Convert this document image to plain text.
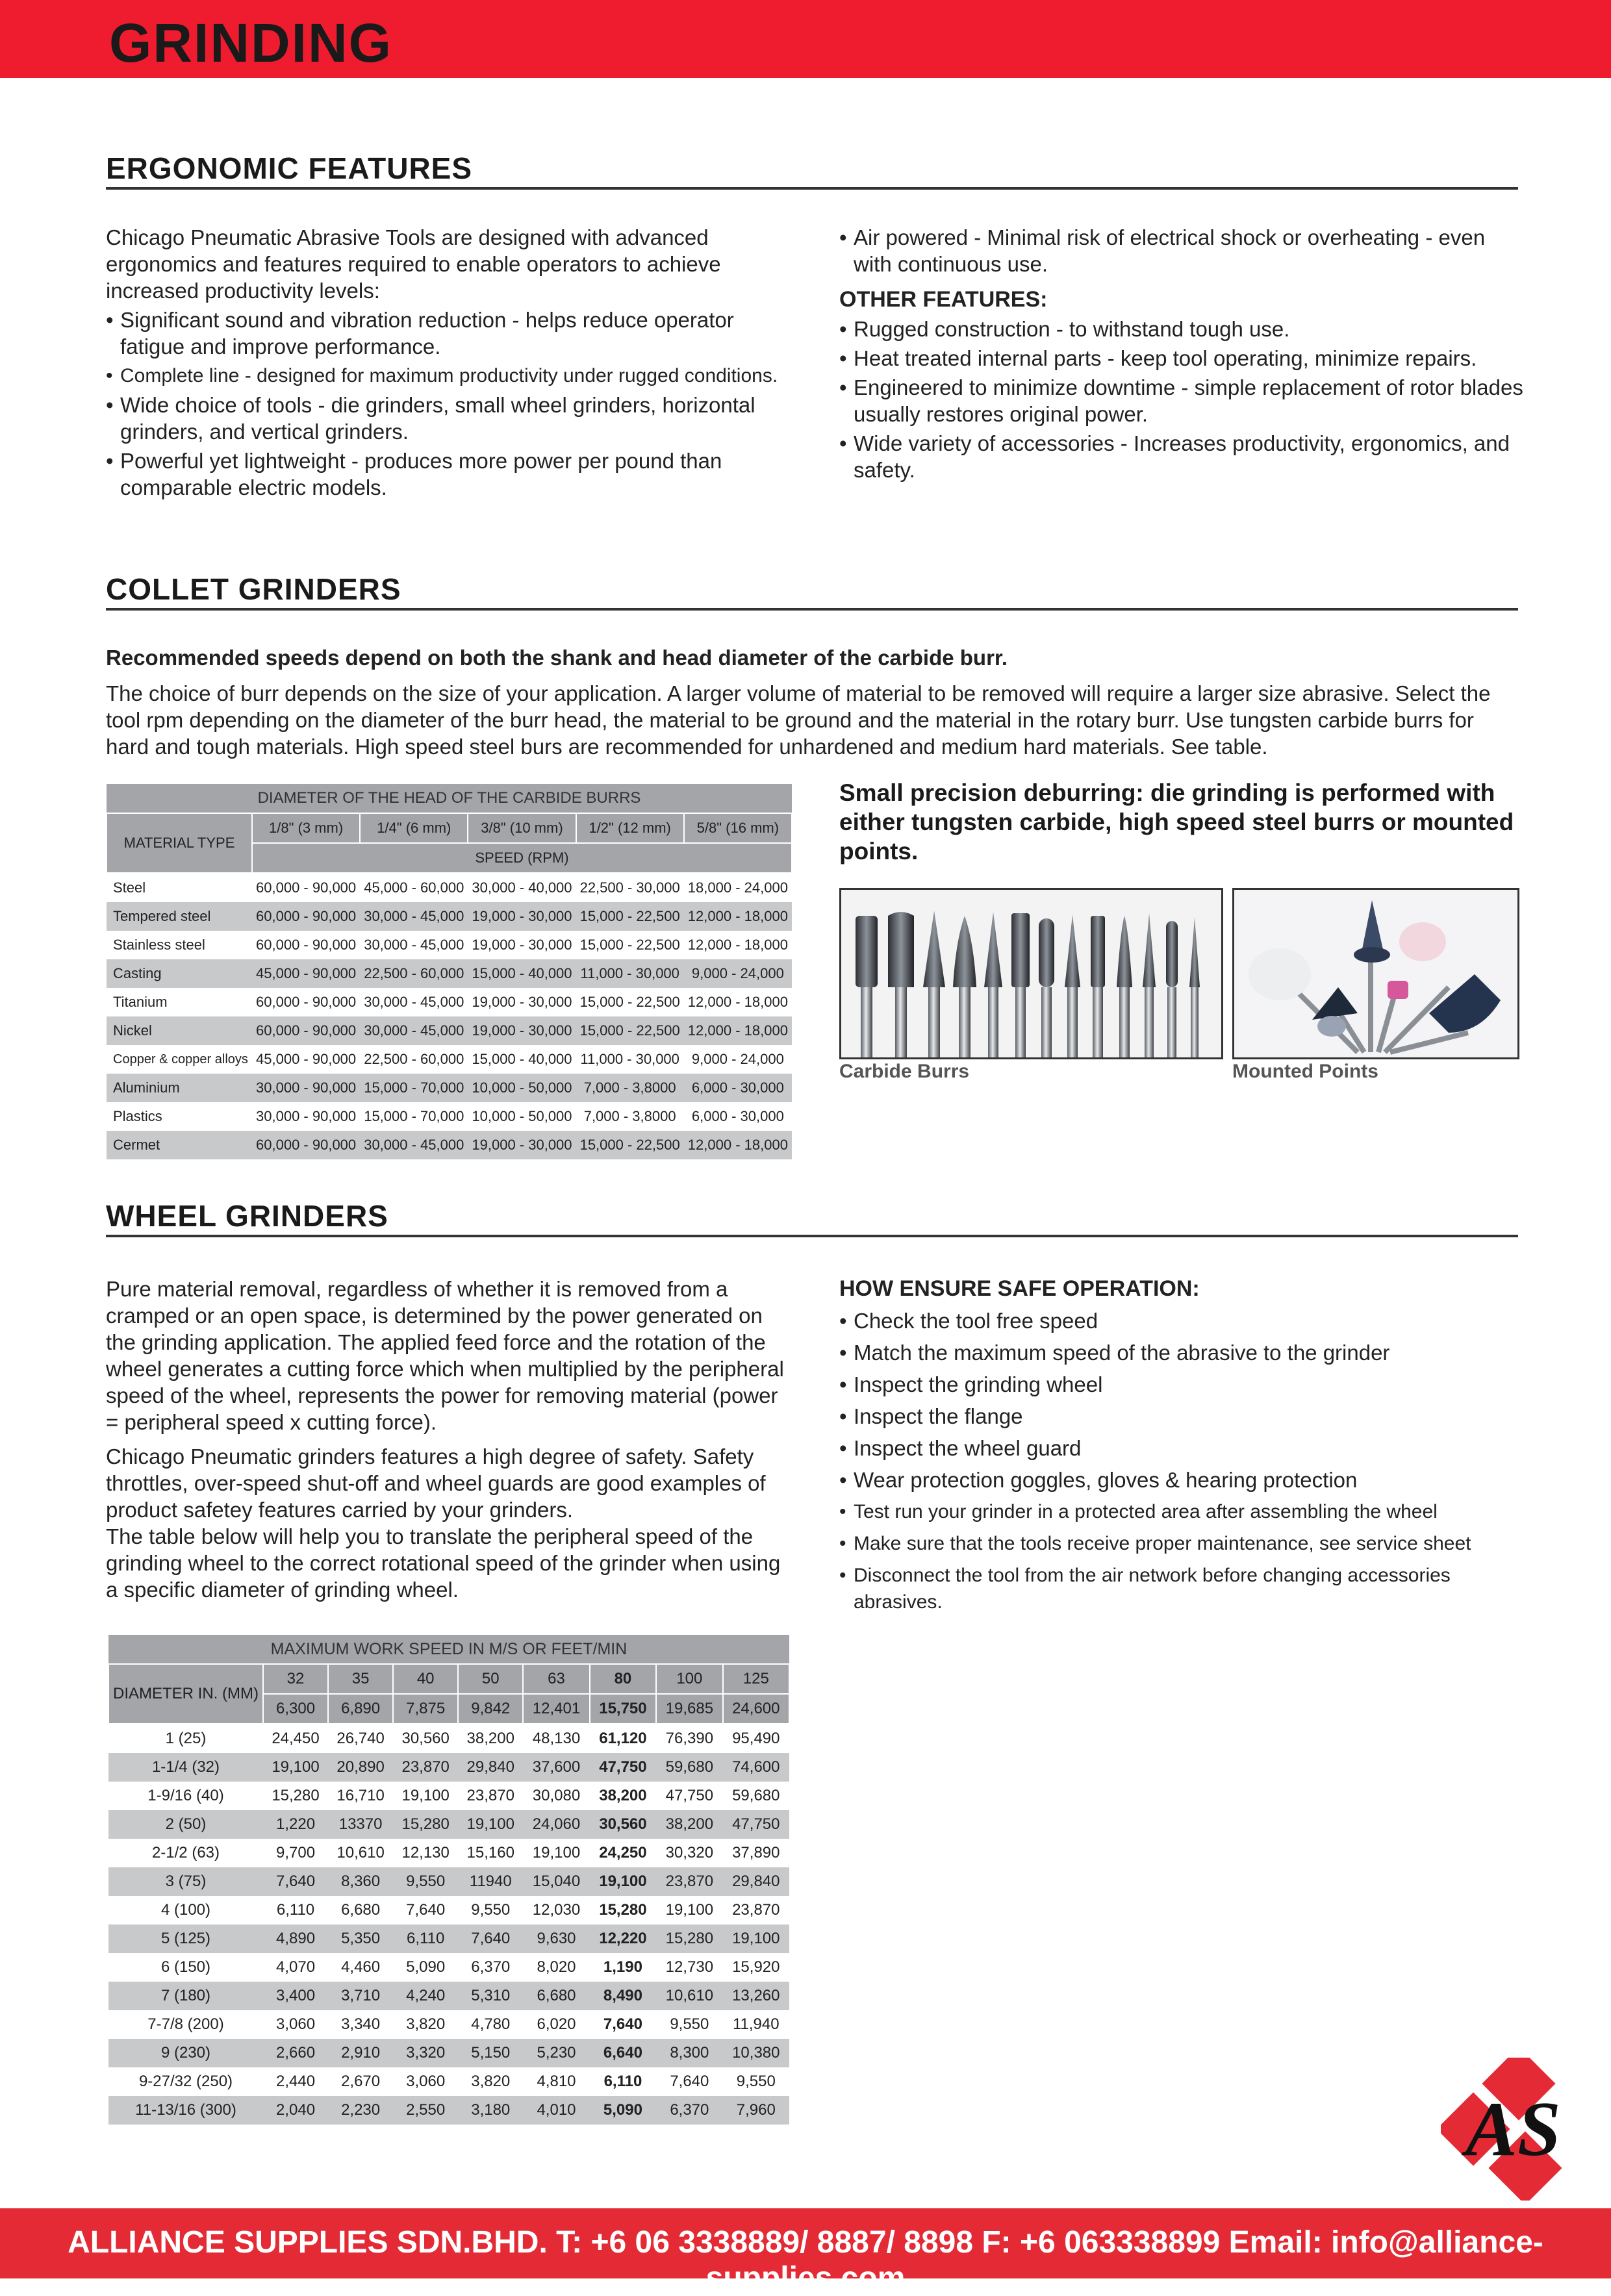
GRINDING
ERGONOMIC FEATURES

Chicago Pneumatic Abrasive Tools are designed with advanced ergonomics and features required to enable operators to achieve increased productivity levels:

• Significant sound and vibration reduction - helps reduce operator fatigue and improve performance.
• Complete line - designed for maximum productivity under rugged conditions.
• Wide choice of tools - die grinders, small wheel grinders, horizontal grinders, and vertical grinders.
• Powerful yet lightweight - produces more power per pound than comparable electric models.
• Air powered - Minimal risk of electrical shock or overheating - even with continuous use.
OTHER FEATURES:
• Rugged construction - to withstand tough use.
• Heat treated internal parts - keep tool operating, minimize repairs.
• Engineered to minimize downtime - simple replacement of rotor blades usually restores original power.
• Wide variety of accessories - Increases productivity, ergonomics, and safety.
COLLET GRINDERS
Recommended speeds depend on both the shank and head diameter of the carbide burr.
The choice of burr depends on the size of your application. A larger volume of material to be removed will require a larger size abrasive. Select the tool rpm depending on the diameter of the burr head, the material to be ground and the material in the rotary burr. Use tungsten carbide burrs for hard and tough materials. High speed steel burs are recommended for unhardened and medium hard materials. See table.
DIAMETER OF THE HEAD OF THE CARBIDE BURRS					
MATERIAL TYPE	1/8" (3 mm)	1/4" (6 mm)	3/8" (10 mm)	1/2" (12 mm)	5/8" (16 mm)
	SPEED (RPM)				
Steel	60,000 - 90,000	45,000 - 60,000	30,000 - 40,000	22,500 - 30,000	18,000 - 24,000
Tempered steel	60,000 - 90,000	30,000 - 45,000	19,000 - 30,000	15,000 - 22,500	12,000 - 18,000
Stainless steel	60,000 - 90,000	30,000 - 45,000	19,000 - 30,000	15,000 - 22,500	12,000 - 18,000
Casting	45,000 - 90,000	22,500 - 60,000	15,000 - 40,000	11,000 - 30,000	9,000 - 24,000
Titanium	60,000 - 90,000	30,000 - 45,000	19,000 - 30,000	15,000 - 22,500	12,000 - 18,000
Nickel	60,000 - 90,000	30,000 - 45,000	19,000 - 30,000	15,000 - 22,500	12,000 - 18,000
Copper & copper alloys	45,000 - 90,000	22,500 - 60,000	15,000 - 40,000	11,000 - 30,000	9,000 - 24,000
Aluminium	30,000 - 90,000	15,000 - 70,000	10,000 - 50,000	7,000 - 3,8000	6,000 - 30,000
Plastics	30,000 - 90,000	15,000 - 70,000	10,000 - 50,000	7,000 - 3,8000	6,000 - 30,000
Cermet	60,000 - 90,000	30,000 - 45,000	19,000 - 30,000	15,000 - 22,500	12,000 - 18,000
Small precision deburring: die grinding is performed with either tungsten carbide, high speed steel burrs or mounted points.
Carbide Burrs	Mounted Points
WHEEL GRINDERS

Pure material removal, regardless of whether it is removed from a cramped or an open space, is determined by the power generated on the grinding application. The applied feed force and the rotation of the wheel generates a cutting force which when multiplied by the peripheral speed of the wheel, represents the power for removing material (power = peripheral speed x cutting force).

Chicago Pneumatic grinders features a high degree of safety. Safety throttles, over-speed shut-off and wheel guards are good examples of product safetey features carried by your grinders.

The table below will help you to translate the peripheral speed of the grinding wheel to the correct rotational speed of the grinder when using a specific diameter of grinding wheel.

HOW ENSURE SAFE OPERATION:
• Check the tool free speed
• Match the maximum speed of the abrasive to the grinder
• Inspect the grinding wheel
• Inspect the flange
• Inspect the wheel guard
• Wear protection goggles, gloves & hearing protection
• Test run your grinder in a protected area after assembling the wheel
• Make sure that the tools receive proper maintenance, see service sheet
• Disconnect the tool from the air network before changing accessories abrasives.
MAXIMUM WORK SPEED IN M/S OR FEET/MIN								
DIAMETER IN. (MM)	32	35	40	50	63	80	100	125
	6,300	6,890	7,875	9,842	12,401	15,750	19,685	24,600
1 (25)	24,450	26,740	30,560	38,200	48,130	61,120	76,390	95,490
1-1/4 (32)	19,100	20,890	23,870	29,840	37,600	47,750	59,680	74,600
1-9/16 (40)	15,280	16,710	19,100	23,870	30,080	38,200	47,750	59,680
2 (50)	1,220	13370	15,280	19,100	24,060	30,560	38,200	47,750
2-1/2 (63)	9,700	10,610	12,130	15,160	19,100	24,250	30,320	37,890
3 (75)	7,640	8,360	9,550	11940	15,040	19,100	23,870	29,840
4 (100)	6,110	6,680	7,640	9,550	12,030	15,280	19,100	23,870
5 (125)	4,890	5,350	6,110	7,640	9,630	12,220	15,280	19,100
6 (150)	4,070	4,460	5,090	6,370	8,020	1,190	12,730	15,920
7 (180)	3,400	3,710	4,240	5,310	6,680	8,490	10,610	13,260
7-7/8 (200)	3,060	3,340	3,820	4,780	6,020	7,640	9,550	11,940
9 (230)	2,660	2,910	3,320	5,150	5,230	6,640	8,300	10,380
9-27/32 (250)	2,440	2,670	3,060	3,820	4,810	6,110	7,640	9,550
11-13/16 (300)	2,040	2,230	2,550	3,180	4,010	5,090	6,370	7,960	AS
ALLIANCE SUPPLIES SDN.BHD. T: +6 06 3338889/ 8887/ 8898 F: +6 063338899 Email: info@alliance-supplies.com
